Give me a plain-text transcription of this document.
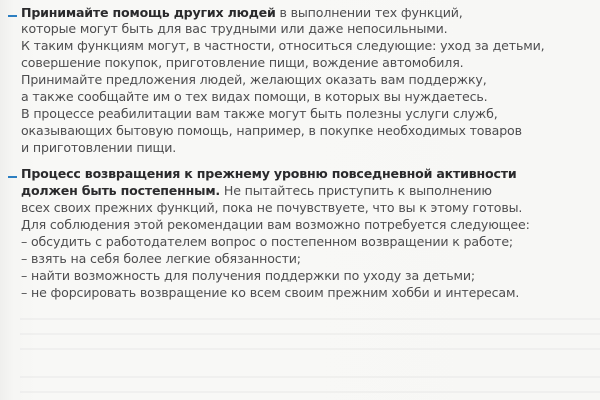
Принимайте помощь других людей в выполнении тех функций,
которые могут быть для вас трудными или даже непосильными.
К таким функциям могут, в частности, относиться следующие: уход за детьми,
совершение покупок, приготовление пищи, вождение автомобиля.
Принимайте предложения людей, желающих оказать вам поддержку,
а также сообщайте им о тех видах помощи, в которых вы нуждаетесь.
В процессе реабилитации вам также могут быть полезны услуги служб,
оказывающих бытовую помощь, например, в покупке необходимых товаров
и приготовлении пищи.
Процесс возвращения к прежнему уровню повседневной активности
должен быть постепенным. Не пытайтесь приступить к выполнению
всех своих прежних функций, пока не почувствуете, что вы к этому готовы.
Для соблюдения этой рекомендации вам возможно потребуется следующее:
– обсудить с работодателем вопрос о постепенном возвращении к работе;
– взять на себя более легкие обязанности;
– найти возможность для получения поддержки по уходу за детьми;
– не форсировать возвращение ко всем своим прежним хобби и интересам.
